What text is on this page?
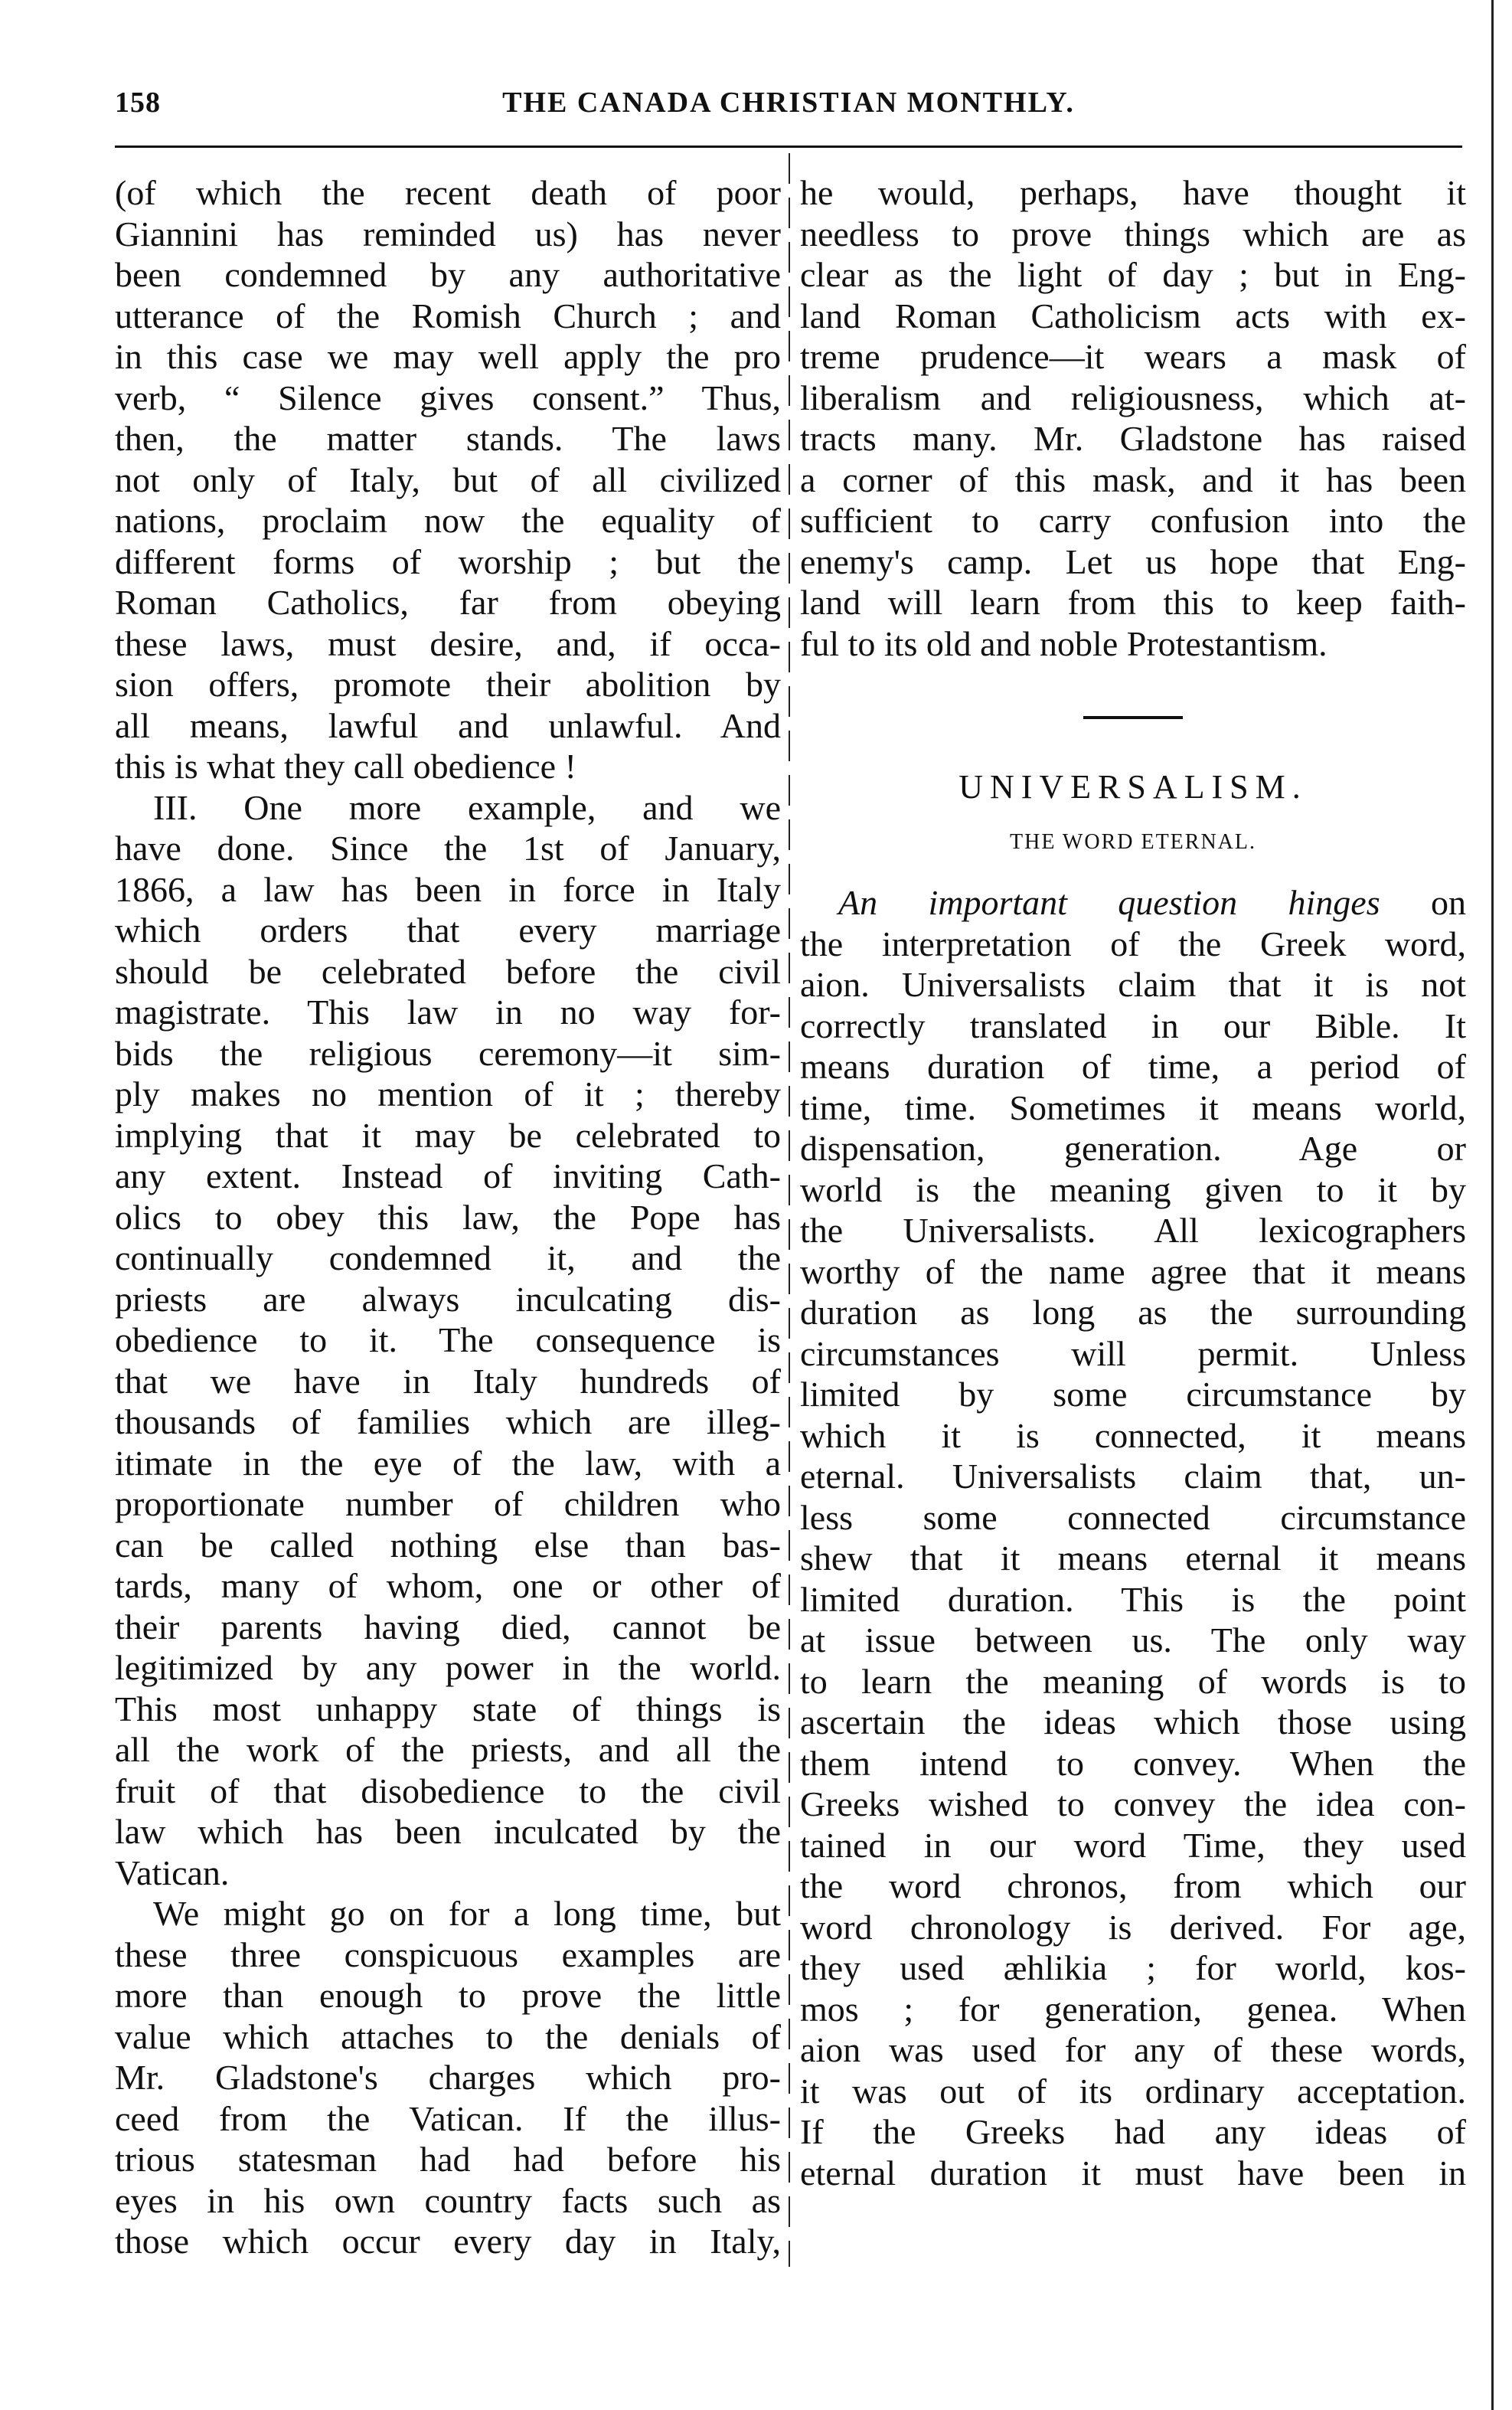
158	THE CANADA CHRISTIAN MONTHLY.

(of which the recent death of poor
Giannini has reminded us) has never
been condemned by any authoritative
utterance of the Romish Church ; and
in this case we may well apply the pro
verb, “ Silence gives consent.” Thus,
then, the matter stands. The laws
not only of Italy, but of all civilized
nations, proclaim now the equality of
different forms of worship ; but the
Roman Catholics, far from obeying
these laws, must desire, and, if occa-
sion offers, promote their abolition by
all means, lawful and unlawful. And
this is what they call obedience !

III. One more example, and we
have done. Since the 1st of January,
1866, a law has been in force in Italy
which orders that every marriage
should be celebrated before the civil
magistrate. This law in no way for-
bids the religious ceremony—it sim-
ply makes no mention of it ; thereby
implying that it may be celebrated to
any extent. Instead of inviting Cath-
olics to obey this law, the Pope has
continually condemned it, and the
priests are always inculcating dis-
obedience to it. The consequence is
that we have in Italy hundreds of
thousands of families which are illeg-
itimate in the eye of the law, with a
proportionate number of children who
can be called nothing else than bas-
tards, many of whom, one or other of
their parents having died, cannot be
legitimized by any power in the world.
This most unhappy state of things is
all the work of the priests, and all the
fruit of that disobedience to the civil
law which has been inculcated by the
Vatican.

We might go on for a long time, but
these three conspicuous examples are
more than enough to prove the little
value which attaches to the denials of
Mr. Gladstone's charges which pro-
ceed from the Vatican. If the illus-
trious statesman had had before his
eyes in his own country facts such as
those which occur every day in Italy,

he would, perhaps, have thought it
needless to prove things which are as
clear as the light of day ; but in Eng-
land Roman Catholicism acts with ex-
treme prudence—it wears a mask of
liberalism and religiousness, which at-
tracts many. Mr. Gladstone has raised
a corner of this mask, and it has been
sufficient to carry confusion into the
enemy's camp. Let us hope that Eng-
land will learn from this to keep faith-
ful to its old and noble Protestantism.

UNIVERSALISM.
THE WORD ETERNAL.

An important question hinges on
the interpretation of the Greek word,
aion. Universalists claim that it is not
correctly translated in our Bible. It
means duration of time, a period of
time, time. Sometimes it means world,
dispensation, generation. Age or
world is the meaning given to it by
the Universalists. All lexicographers
worthy of the name agree that it means
duration as long as the surrounding
circumstances will permit. Unless
limited by some circumstance by
which it is connected, it means
eternal. Universalists claim that, un-
less some connected circumstance
shew that it means eternal it means
limited duration. This is the point
at issue between us. The only way
to learn the meaning of words is to
ascertain the ideas which those using
them intend to convey. When the
Greeks wished to convey the idea con-
tained in our word Time, they used
the word chronos, from which our
word chronology is derived. For age,
they used æhlikia ; for world, kos-
mos ; for generation, genea. When
aion was used for any of these words,
it was out of its ordinary acceptation.
If the Greeks had any ideas of
eternal duration it must have been in
